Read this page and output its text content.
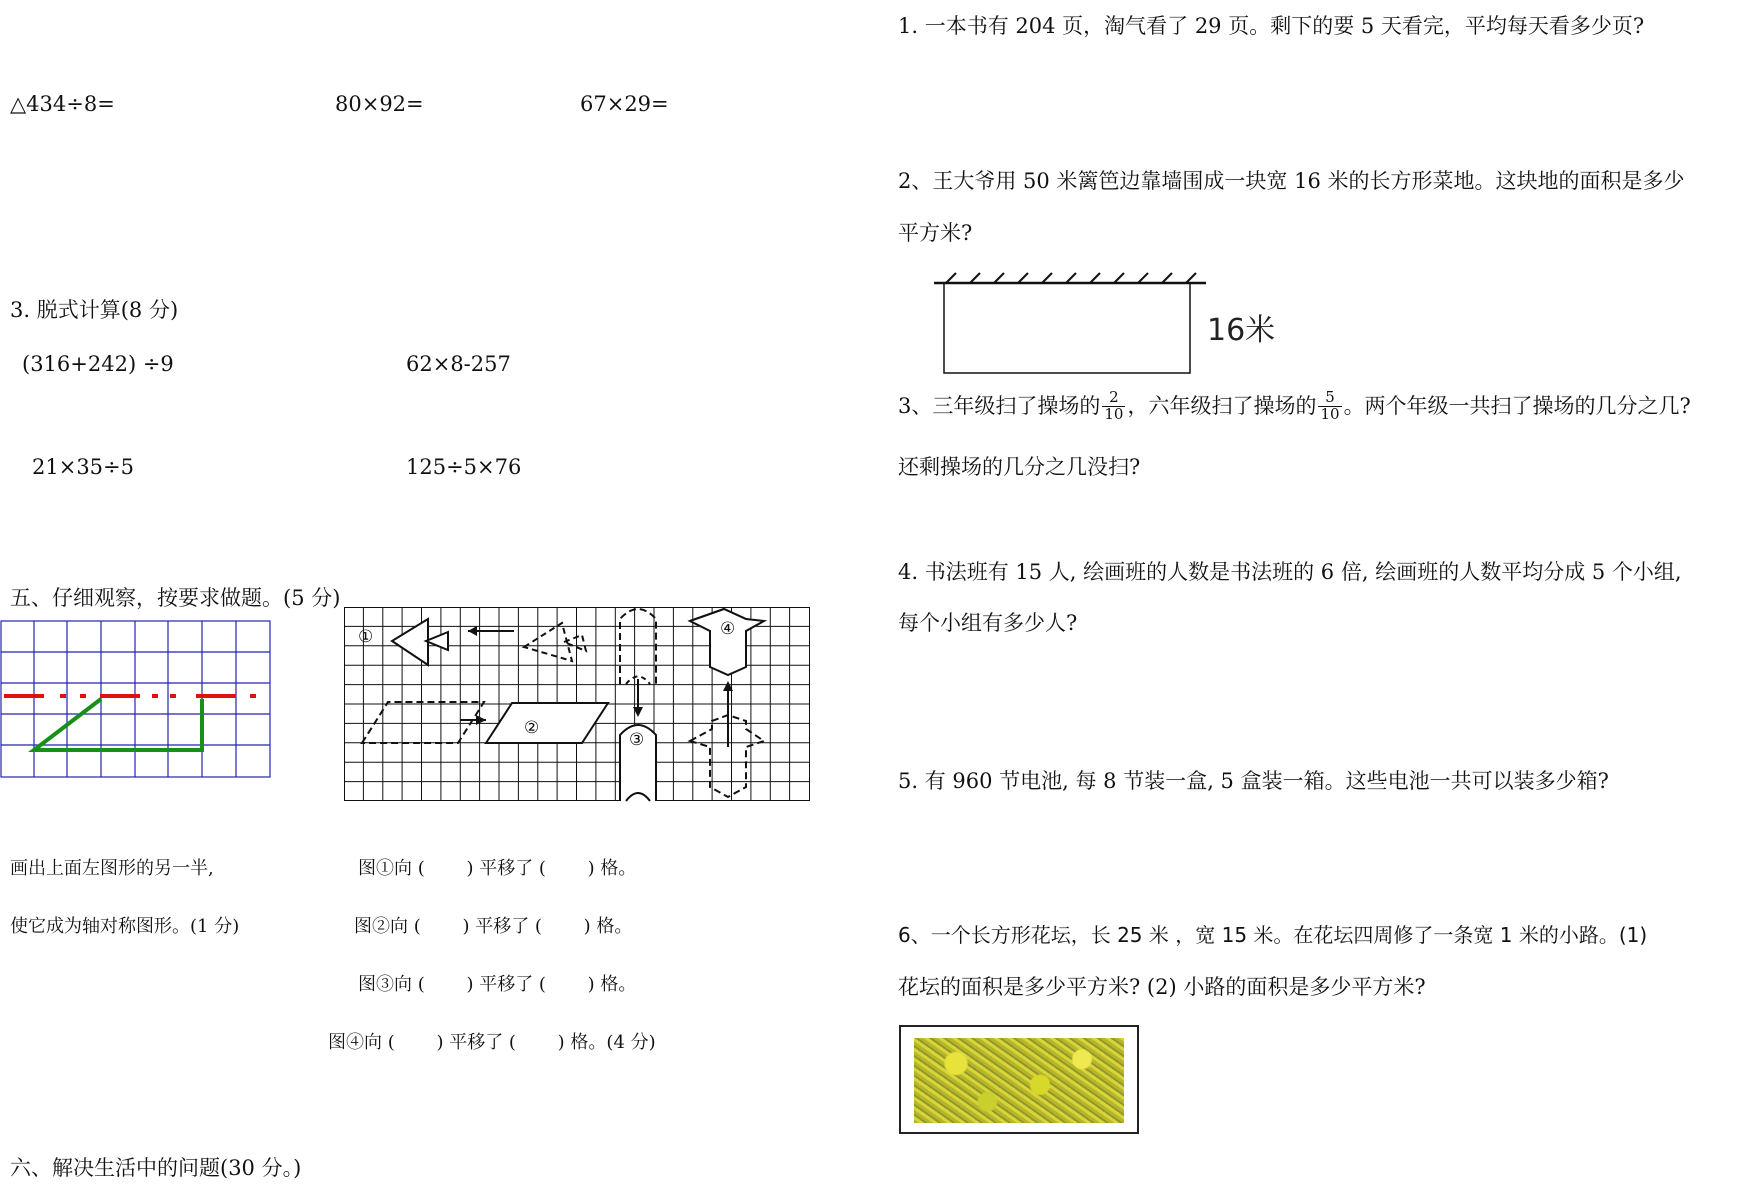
△434÷8=	80×92=	67×29=
3. 脱式计算(8 分)
(316+242) ÷9	62×8-257
21×35÷5	125÷5×76
五、仔细观察，按要求做题。(5 分)
①
②
③
④
画出上面左图形的另一半,
使它成为轴对称图形。(1 分)
图①向 (　　 ) 平移了 (　　 ) 格。
图②向 (　　 ) 平移了 (　　 ) 格。
图③向 (　　 ) 平移了 (　　 ) 格。
图④向 (　　 ) 平移了 (　　 ) 格。(4 分)
六、解决生活中的问题(30 分。)
1. 一本书有 204 页，淘气看了 29 页。剩下的要 5 天看完，平均每天看多少页?
2、王大爷用 50 米篱笆边靠墙围成一块宽 16 米的长方形菜地。这块地的面积是多少
平方米?
16米
3、三年级扫了操场的 $\frac{2}{10}$ ，六年级扫了操场的 $\frac{5}{10}$ 。两个年级一共扫了操场的几分之几?
还剩操场的几分之几没扫?
4. 书法班有 15 人, 绘画班的人数是书法班的 6 倍, 绘画班的人数平均分成 5 个小组,
每个小组有多少人?
5. 有 960 节电池, 每 8 节装一盒, 5 盒装一箱。这些电池一共可以装多少箱?
6、一个长方形花坛，长 25 米 ，宽 15 米。在花坛四周修了一条宽 1 米的小路。(1)
花坛的面积是多少平方米? (2) 小路的面积是多少平方米?
